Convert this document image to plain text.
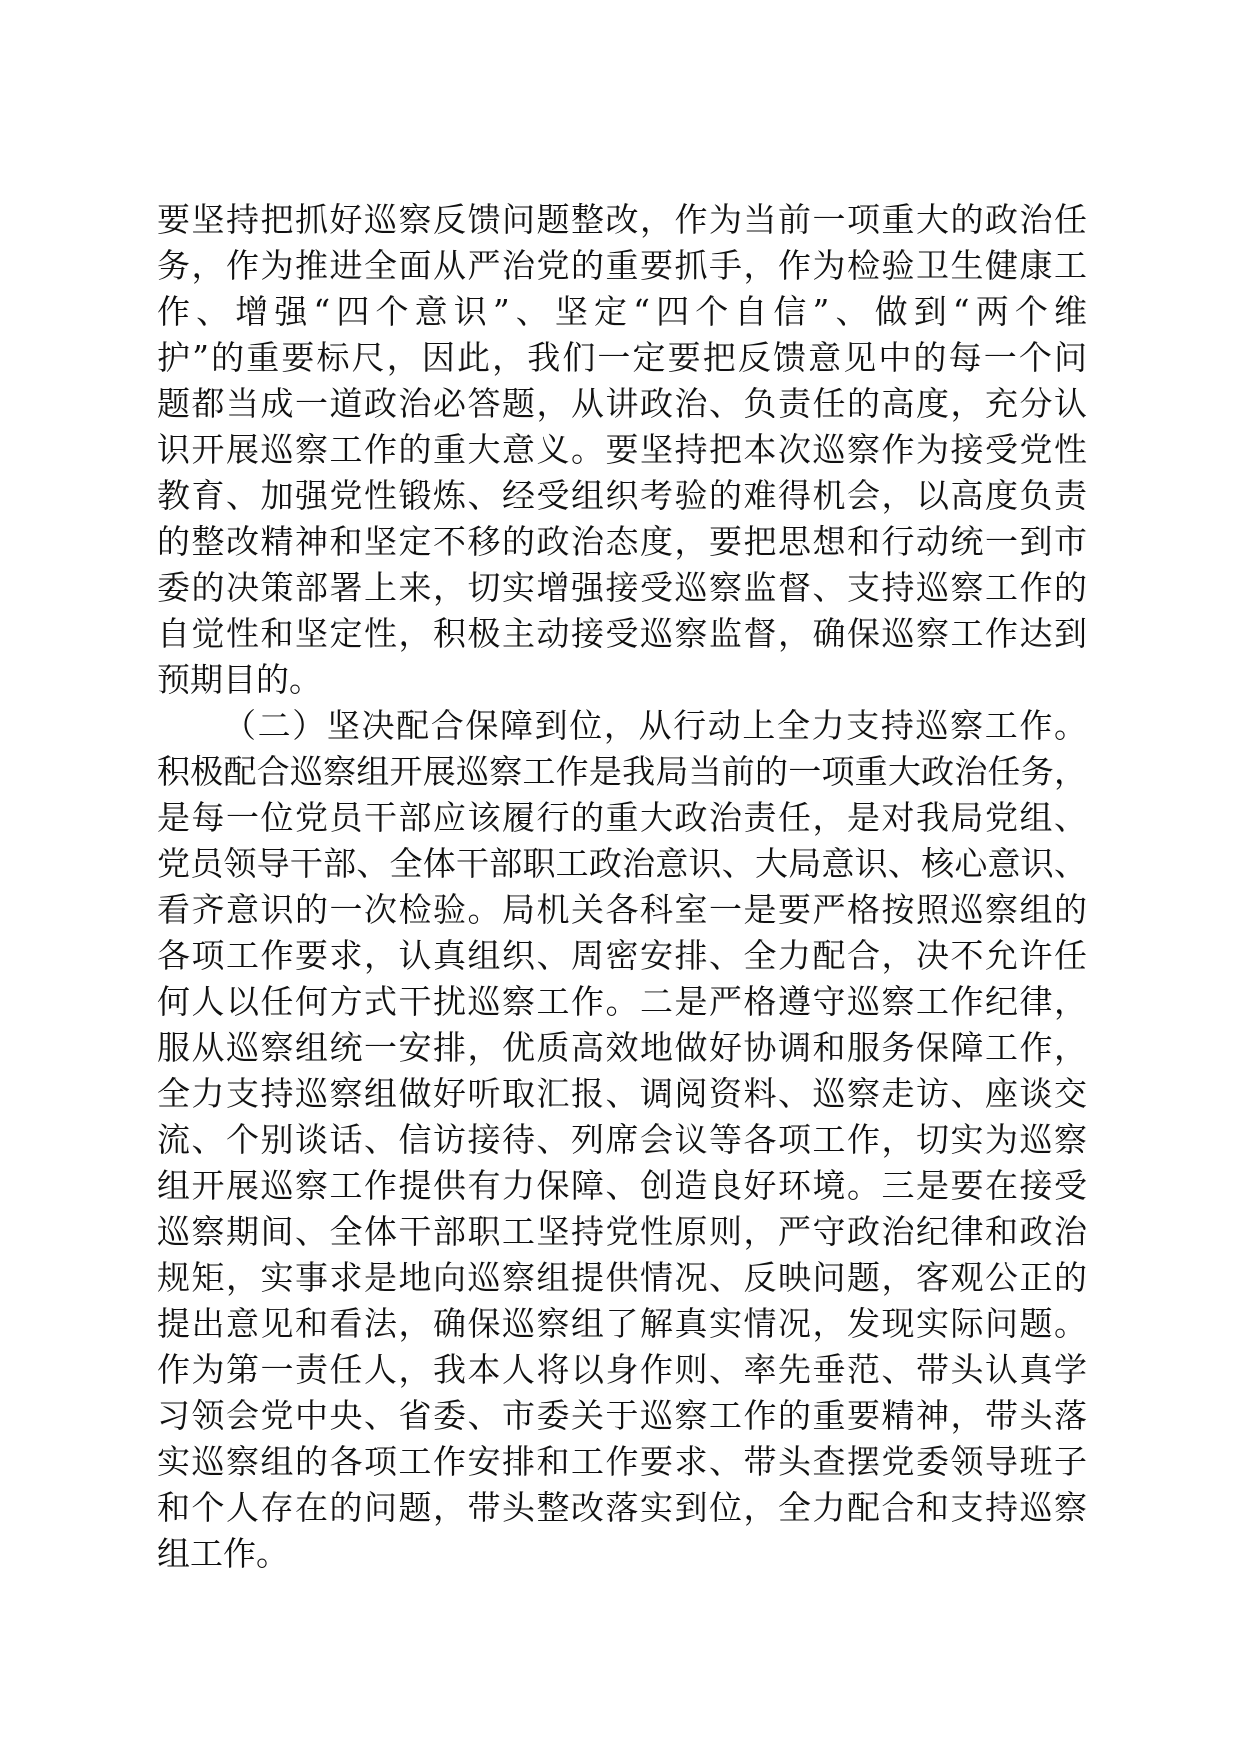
要坚持把抓好巡察反馈问题整改，作为当前一项重大的政治任
务，作为推进全面从严治党的重要抓手，作为检验卫生健康工
作、增强“四个意识”、坚定“四个自信”、做到“两个维
护”的重要标尺，因此，我们一定要把反馈意见中的每一个问
题都当成一道政治必答题，从讲政治、负责任的高度，充分认
识开展巡察工作的重大意义。要坚持把本次巡察作为接受党性
教育、加强党性锻炼、经受组织考验的难得机会，以高度负责
的整改精神和坚定不移的政治态度，要把思想和行动统一到市
委的决策部署上来，切实增强接受巡察监督、支持巡察工作的
自觉性和坚定性，积极主动接受巡察监督，确保巡察工作达到
预期目的。
（二）坚决配合保障到位，从行动上全力支持巡察工作。
积极配合巡察组开展巡察工作是我局当前的一项重大政治任务，
是每一位党员干部应该履行的重大政治责任，是对我局党组、
党员领导干部、全体干部职工政治意识、大局意识、核心意识、
看齐意识的一次检验。局机关各科室一是要严格按照巡察组的
各项工作要求，认真组织、周密安排、全力配合，决不允许任
何人以任何方式干扰巡察工作。二是严格遵守巡察工作纪律，
服从巡察组统一安排，优质高效地做好协调和服务保障工作，
全力支持巡察组做好听取汇报、调阅资料、巡察走访、座谈交
流、个别谈话、信访接待、列席会议等各项工作，切实为巡察
组开展巡察工作提供有力保障、创造良好环境。三是要在接受
巡察期间、全体干部职工坚持党性原则，严守政治纪律和政治
规矩，实事求是地向巡察组提供情况、反映问题，客观公正的
提出意见和看法，确保巡察组了解真实情况，发现实际问题。
作为第一责任人，我本人将以身作则、率先垂范、带头认真学
习领会党中央、省委、市委关于巡察工作的重要精神，带头落
实巡察组的各项工作安排和工作要求、带头查摆党委领导班子
和个人存在的问题，带头整改落实到位，全力配合和支持巡察
组工作。
